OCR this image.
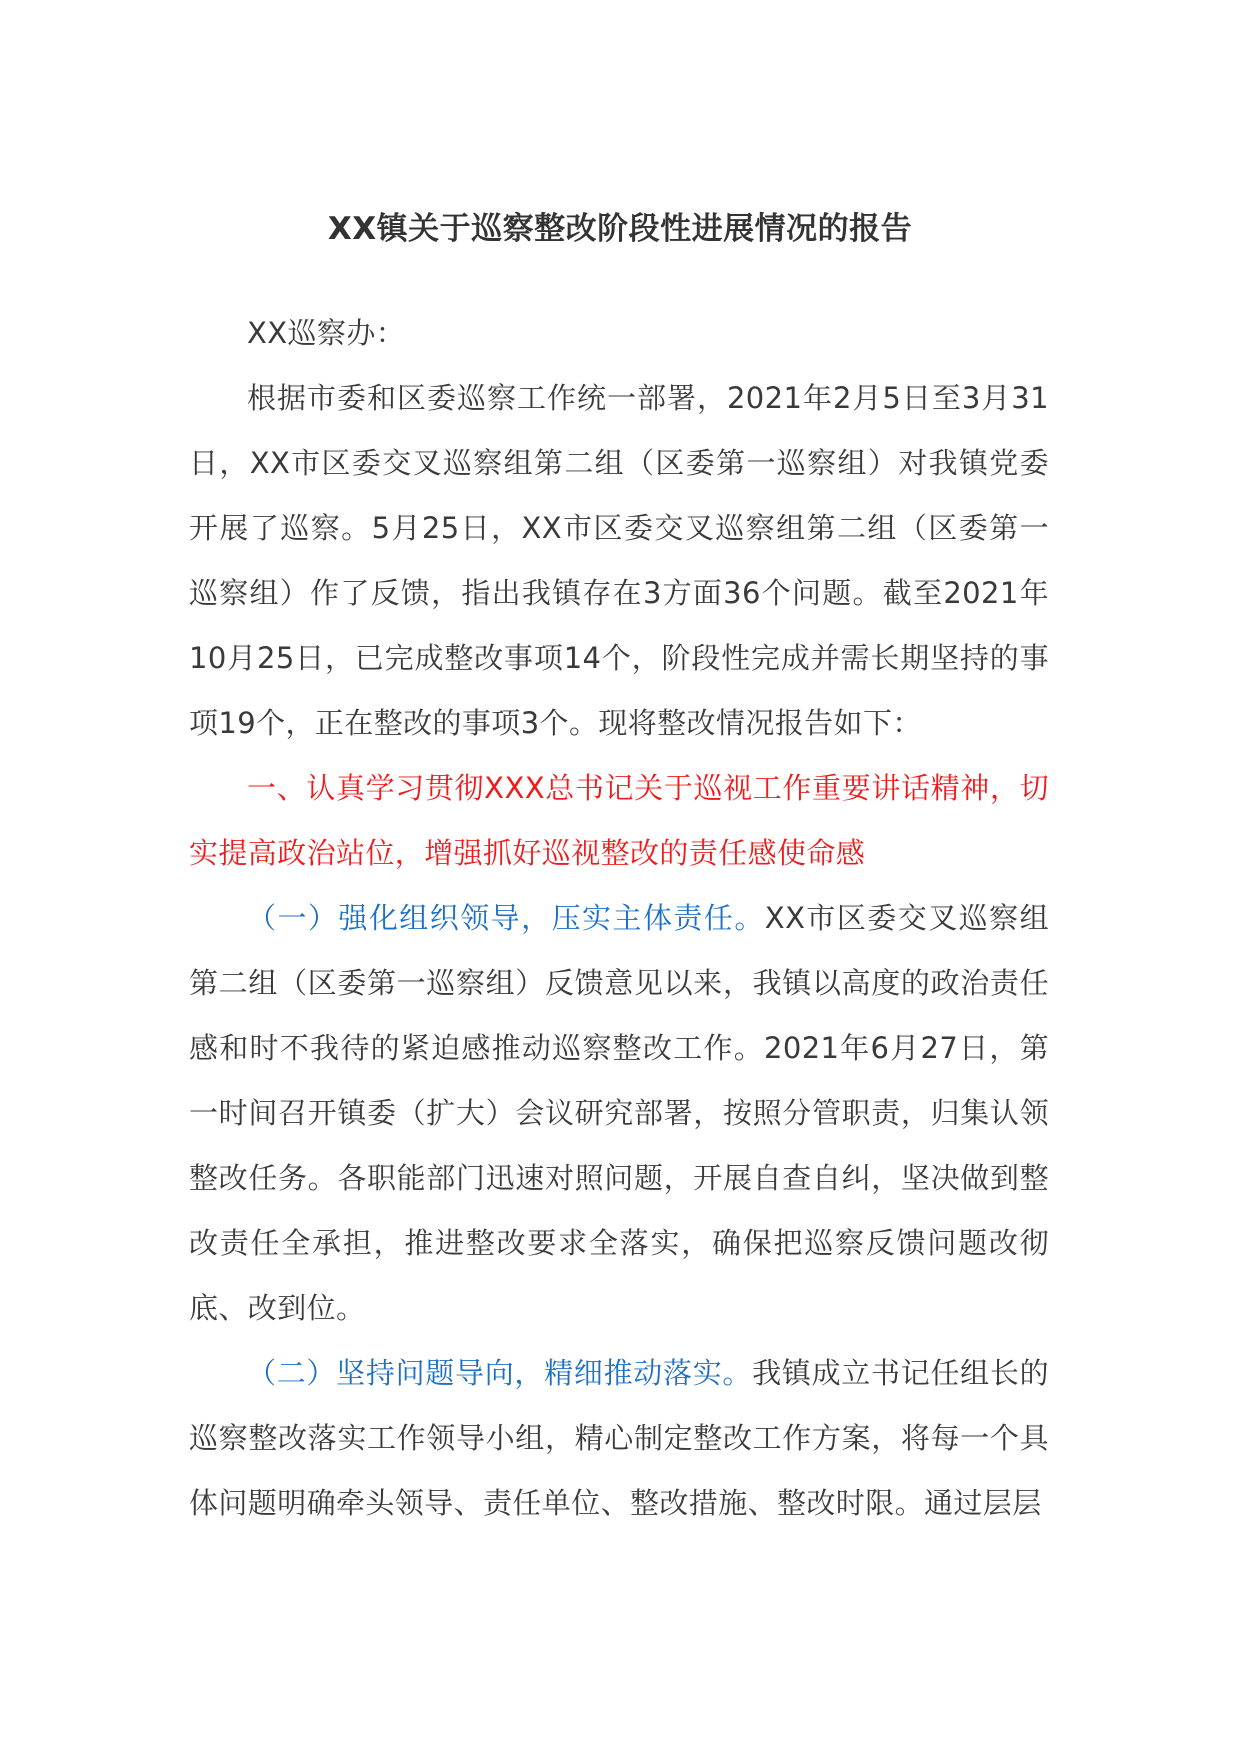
XX镇关于巡察整改阶段性进展情况的报告

XX巡察办：

根据市委和区委巡察工作统一部署，2021年2月5日至3月31日，XX市区委交叉巡察组第二组（区委第一巡察组）对我镇党委开展了巡察。5月25日，XX市区委交叉巡察组第二组（区委第一巡察组）作了反馈，指出我镇存在3方面36个问题。截至2021年10月25日，已完成整改事项14个，阶段性完成并需长期坚持的事项19个，正在整改的事项3个。现将整改情况报告如下：

一、认真学习贯彻XXX总书记关于巡视工作重要讲话精神，切实提高政治站位，增强抓好巡视整改的责任感使命感

（一）强化组织领导，压实主体责任。XX市区委交叉巡察组第二组（区委第一巡察组）反馈意见以来，我镇以高度的政治责任感和时不我待的紧迫感推动巡察整改工作。2021年6月27日，第一时间召开镇委（扩大）会议研究部署，按照分管职责，归集认领整改任务。各职能部门迅速对照问题，开展自查自纠，坚决做到整改责任全承担，推进整改要求全落实，确保把巡察反馈问题改彻底、改到位。

（二）坚持问题导向，精细推动落实。我镇成立书记任组长的巡察整改落实工作领导小组，精心制定整改工作方案，将每一个具体问题明确牵头领导、责任单位、整改措施、整改时限。通过层层
